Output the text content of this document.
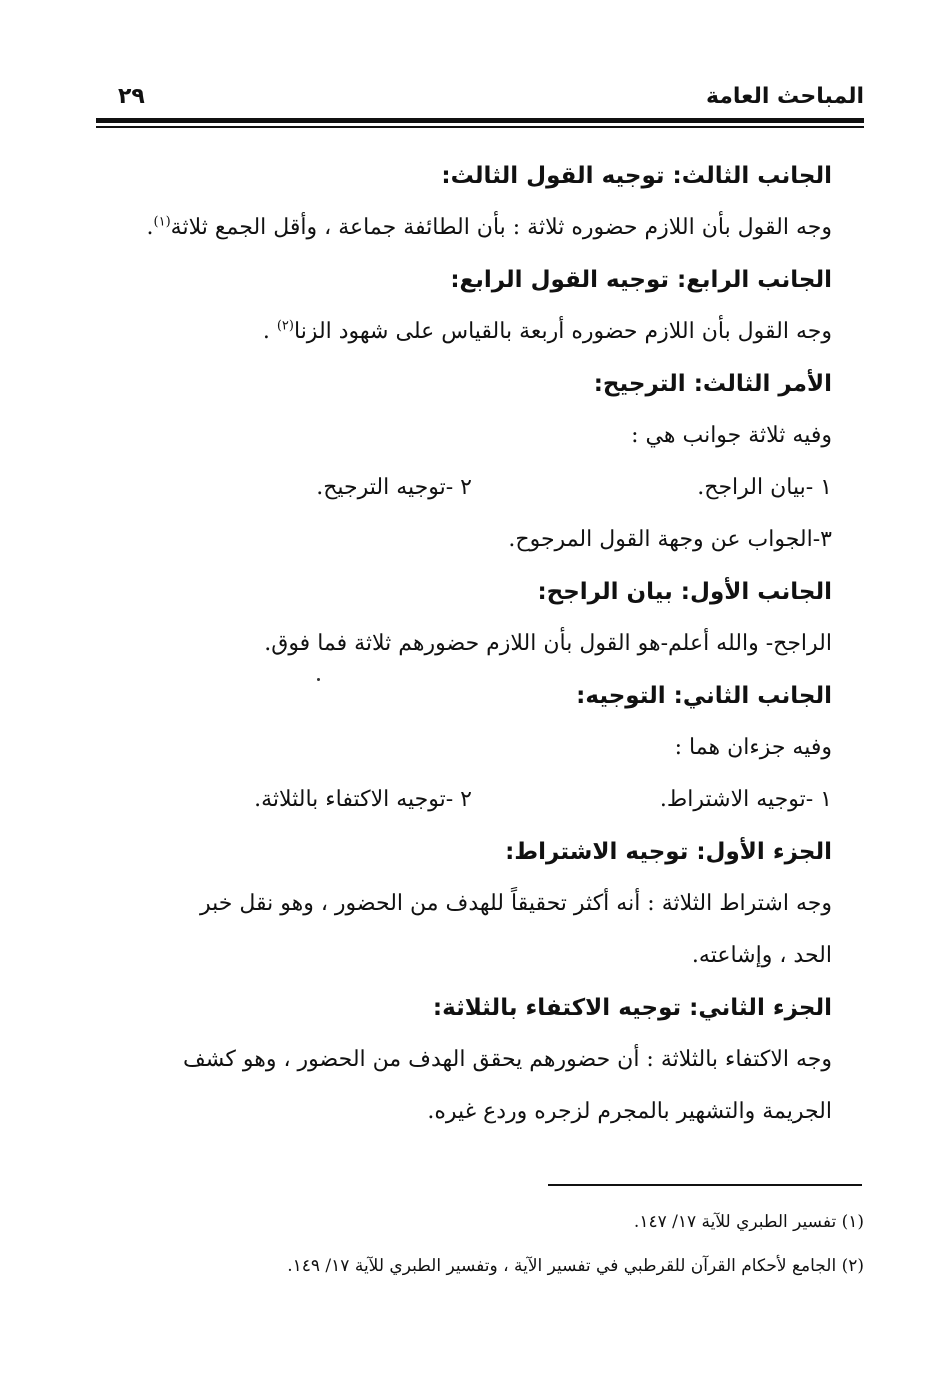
المباحث العامة
٢٩
الجانب الثالث: توجيه القول الثالث:
وجه القول بأن اللازم حضوره ثلاثة : بأن الطائفة جماعة ، وأقل الجمع ثلاثة$^{(١)}$.
الجانب الرابع: توجيه القول الرابع:
وجه القول بأن اللازم حضوره أربعة بالقياس على شهود الزنا$^{(٢)}$ .
الأمر الثالث: الترجيح:
وفيه ثلاثة جوانب هي :
١ -بيان الراجح.
٢ -توجيه الترجيح.
٣-الجواب عن وجهة القول المرجوح.
الجانب الأول: بيان الراجح:
الراجح- والله أعلم-هو القول بأن اللازم حضورهم ثلاثة فما فوق.
الجانب الثاني: التوجيه:
وفيه جزءان هما :
١ -توجيه الاشتراط.
٢ -توجيه الاكتفاء بالثلاثة.
الجزء الأول: توجيه الاشتراط:
وجه اشتراط الثلاثة : أنه أكثر تحقيقاً للهدف من الحضور ، وهو نقل خبر
الحد ، وإشاعته.
الجزء الثاني: توجيه الاكتفاء بالثلاثة:
وجه الاكتفاء بالثلاثة : أن حضورهم يحقق الهدف من الحضور ، وهو كشف
الجريمة والتشهير بالمجرم لزجره وردع غيره.
(١) تفسير الطبري للآية ١٧/ ١٤٧.
(٢) الجامع لأحكام القرآن للقرطبي في تفسير الآية ، وتفسير الطبري للآية ١٧/ ١٤٩.
